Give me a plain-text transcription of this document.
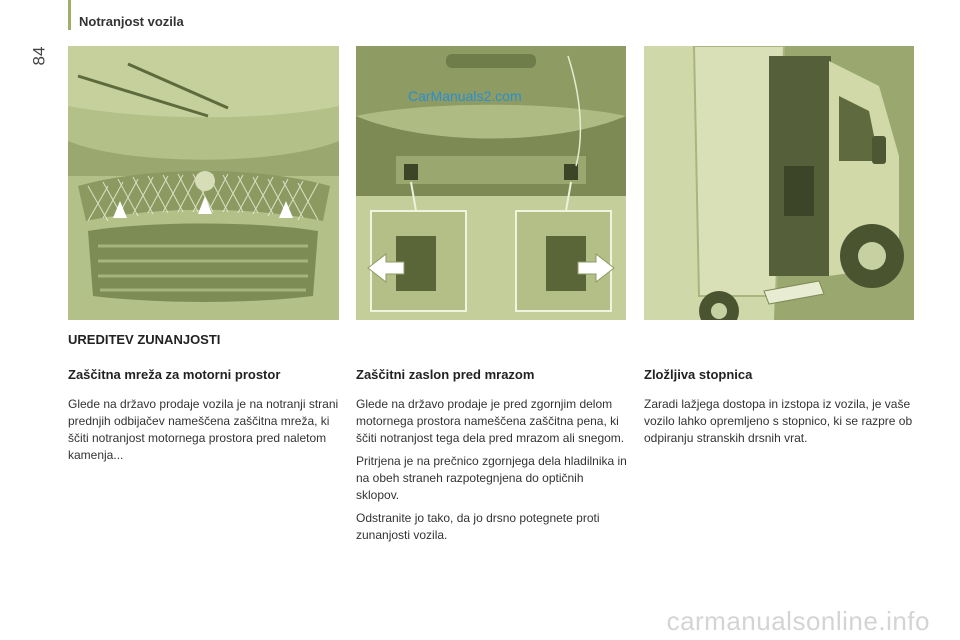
Notranjost vozila
84
CarManuals2.com
UREDITEV ZUNANJOSTI
Zaščitna mreža za motorni prostor

Glede na državo prodaje vozila je na notranji strani prednjih odbijačev nameščena zaščitna mreža, ki ščiti notranjost motornega prostora pred naletom kamenja...

Zaščitni zaslon pred mrazom

Glede na državo prodaje je pred zgornjim delom motornega prostora nameščena zaščitna pena, ki ščiti notranjost tega dela pred mrazom ali snegom.

Pritrjena je na prečnico zgornjega dela hladilnika in na obeh straneh razpotegnjena do optičnih sklopov.

Odstranite jo tako, da jo drsno potegnete proti zunanjosti vozila.

Zložljiva stopnica

Zaradi lažjega dostopa in izstopa iz vozila, je vaše vozilo lahko opremljeno s stopnico, ki se razpre ob odpiranju stranskih drsnih vrat.

carmanualsonline.info
